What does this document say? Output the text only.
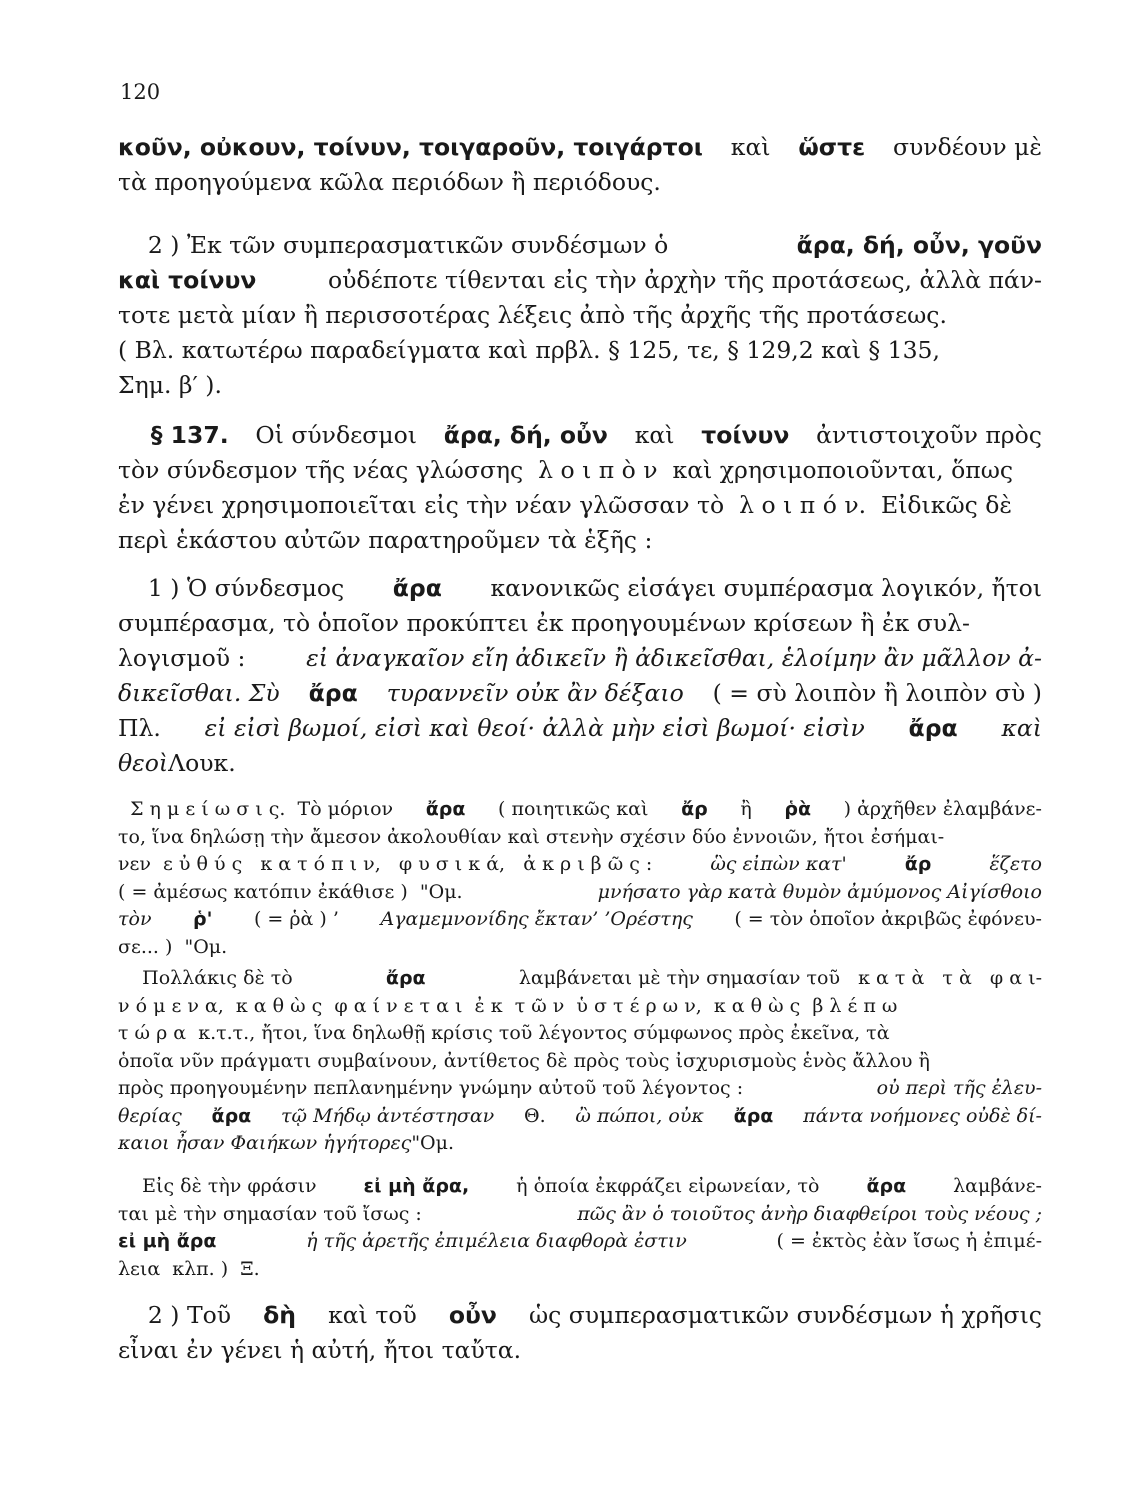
120
κοῦν, οὐκουν, τοίνυν, τοιγαροῦν, τοιγάρτοι καὶ ὥστε συνδέουν μὲ
τὰ προηγούμενα κῶλα περιόδων ἢ περιόδους.
2 ) Ἐκ τῶν συμπερασματικῶν συνδέσμων ὁ	ἄρα, δή, οὖν, γοῦν
καὶ τοίνυν	οὐδέποτε τίθενται εἰς τὴν ἀρχὴν τῆς προτάσεως, ἀλλὰ πάν-
τοτε μετὰ μίαν ἢ περισσοτέρας λέξεις ἀπὸ τῆς ἀρχῆς τῆς προτάσεως.
( Βλ. κατωτέρω παραδείγματα καὶ πρβλ. § 125, τε, § 129,2 καὶ § 135,
Σημ. β′ ).
§ 137. Οἱ σύνδεσμοι ἄρα, δή, οὖν καὶ τοίνυν ἀντιστοιχοῦν πρὸς
τὸν σύνδεσμον τῆς νέας γλώσσης  λ ο ι π ὸ ν  καὶ χρησιμοποιοῦνται, ὅπως
ἐν γένει χρησιμοποιεῖται εἰς τὴν νέαν γλῶσσαν τὸ  λ ο ι π ό ν.  Εἰδικῶς δὲ
περὶ ἑκάστου αὐτῶν παρατηροῦμεν τὰ ἑξῆς :
1 ) Ὁ σύνδεσμος ἄρα κανονικῶς εἰσάγει συμπέρασμα λογικόν, ἤτοι
συμπέρασμα, τὸ ὁποῖον προκύπτει ἐκ προηγουμένων κρίσεων ἢ ἐκ συλ-
λογισμοῦ :	εἰ ἀναγκαῖον εἴη ἀδικεῖν ἢ ἀδικεῖσθαι, ἑλοίμην ἂν μᾶλλον ἀ-
δικεῖσθαι. Σὺ ἄρα τυραννεῖν οὐκ ἂν δέξαιο ( = σὺ λοιπὸν ἢ λοιπὸν σὺ )
Πλ. εἰ εἰσὶ βωμοί, εἰσὶ καὶ θεοί· ἀλλὰ μὴν εἰσὶ βωμοί· εἰσὶν ἄρα καὶ
θεοὶ Λουκ.
Σ η μ ε ί ω σ ι ς.  Τὸ μόριον ἄρα ( ποιητικῶς καὶ ἄρ ἢ ῥὰ ) ἀρχῆθεν ἐλαμβάνε-
το, ἵνα δηλώσῃ τὴν ἄμεσον ἀκολουθίαν καὶ στενὴν σχέσιν δύο ἐννοιῶν, ἤτοι ἐσήμαι-
νεν  ε ὐ θ ύ ς   κ α τ ό π ι ν,   φ υ σ ι κ ά,   ἀ κ ρ ι β ῶ ς :	ὣς εἰπὼν κατ'	ἄρ	ἕζετο
( = ἀμέσως κατόπιν ἐκάθισε )  "Ομ.	μνήσατο γὰρ κατὰ θυμὸν ἀμύμονος Αἰγίσθοιο
τὸν ῥ' ( = ῥὰ ) ’ Αγαμεμνονίδης ἔκταν’ ’Ορέστης ( = τὸν ὁποῖον ἀκριβῶς ἐφόνευ-
σε... )  "Ομ.
Πολλάκις δὲ τὸ	ἄρα	λαμβάνεται μὲ τὴν σημασίαν τοῦ   κ α τ ὰ   τ ὰ   φ α ι-
ν ό μ ε ν α,  κ α θ ὼ ς  φ α ί ν ε τ α ι  ἐ κ  τ ῶ ν  ὑ σ τ έ ρ ω ν,  κ α θ ὼ ς  β λ έ π ω
τ ώ ρ α  κ.τ.τ., ἤτοι, ἵνα δηλωθῇ κρίσις τοῦ λέγοντος σύμφωνος πρὸς ἐκεῖνα, τὰ
ὁποῖα νῦν πράγματι συμβαίνουν, ἀντίθετος δὲ πρὸς τοὺς ἰσχυρισμοὺς ἑνὸς ἄλλου ἢ
πρὸς προηγουμένην πεπλανημένην γνώμην αὐτοῦ τοῦ λέγοντος :	οὐ περὶ τῆς ἐλευ-
θερίας ἄρα τῷ Μήδῳ ἀντέστησαν Θ. ὢ πώποι, οὐκ ἄρα πάντα νοήμονες οὐδὲ δί-
καιοι ἦσαν Φαιήκων ἡγήτορες "Ομ.
Εἰς δὲ τὴν φράσιν εἰ μὴ ἄρα, ἡ ὁποία ἐκφράζει εἰρωνείαν, τὸ ἄρα λαμβάνε-
ται μὲ τὴν σημασίαν τοῦ ἴσως :	πῶς ἂν ὁ τοιοῦτος ἀνὴρ διαφθείροι τοὺς νέους ;
εἰ μὴ ἄρα	ἡ τῆς ἀρετῆς ἐπιμέλεια διαφθορὰ ἐστιν	( = ἐκτὸς ἐὰν ἴσως ἡ ἐπιμέ-
λεια  κλπ. )  Ξ.
2 ) Τοῦ δὴ καὶ τοῦ οὖν ὡς συμπερασματικῶν συνδέσμων ἡ χρῆσις
εἶναι ἐν γένει ἡ αὐτή, ἤτοι ταὔτα.
